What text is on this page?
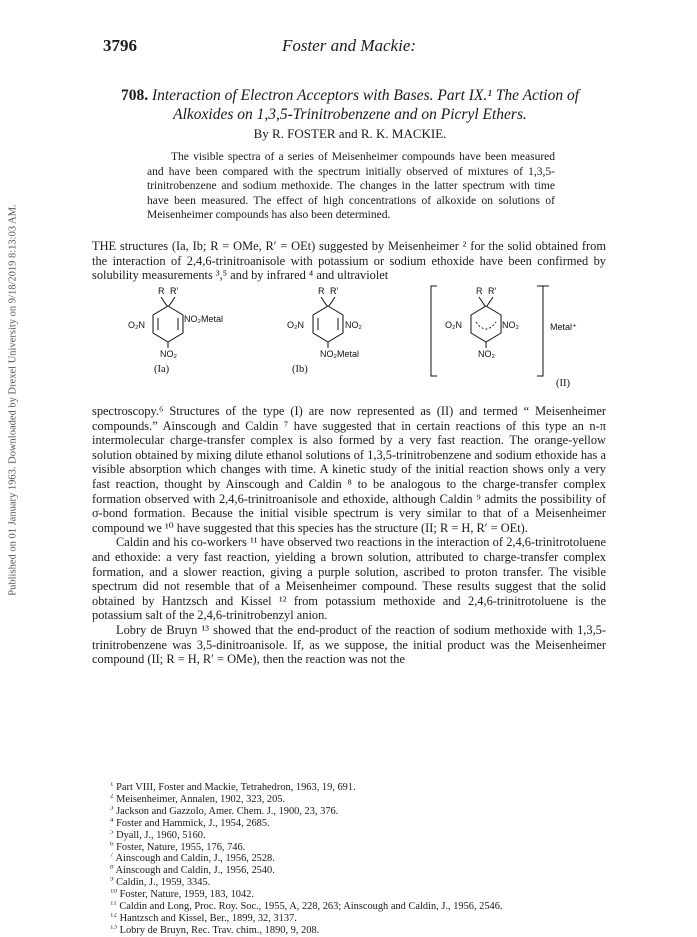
Published on 01 January 1963. Downloaded by Drexel University on 9/18/2019 8:13:03 AM.
3796	Foster and Mackie:
708. Interaction of Electron Acceptors with Bases. Part IX.¹ The Action of Alkoxides on 1,3,5-Trinitrobenzene and on Picryl Ethers.
By R. FOSTER and R. K. MACKIE.

The visible spectra of a series of Meisenheimer compounds have been measured and have been compared with the spectrum initially observed of mixtures of 1,3,5-trinitrobenzene and sodium methoxide. The changes in the latter spectrum with time have been measured. The effect of high concentrations of alkoxide on solutions of Meisenheimer compounds has also been determined.

THE structures (Ia, Ib; R = OMe, R′ = OEt) suggested by Meisenheimer ² for the solid obtained from the interaction of 2,4,6-trinitroanisole with potassium or sodium ethoxide have been confirmed by solubility measurements ³,⁵ and by infrared ⁴ and ultraviolet

R R′
O₂N
NO₂Metal
NO₂
(Ia)
R R′
O₂N	NO₂
NO₂Metal
(Ib)
R R′
O₂N	NO₂
NO₂
Metal⁺
(II)

spectroscopy.⁶ Structures of the type (I) are now represented as (II) and termed “ Meisenheimer compounds.” Ainscough and Caldin ⁷ have suggested that in certain reactions of this type an n-π intermolecular charge-transfer complex is also formed by a very fast reaction. The orange-yellow solution obtained by mixing dilute ethanol solutions of 1,3,5-trinitrobenzene and sodium ethoxide has a visible absorption which changes with time. A kinetic study of the initial reaction shows only a very fast reaction, thought by Ainscough and Caldin ⁸ to be analogous to the charge-transfer complex formation observed with 2,4,6-trinitroanisole and ethoxide, although Caldin ⁹ admits the possibility of σ-bond formation. Because the initial visible spectrum is very similar to that of a Meisenheimer compound we ¹⁰ have suggested that this species has the structure (II; R = H, R′ = OEt).

Caldin and his co-workers ¹¹ have observed two reactions in the interaction of 2,4,6-trinitrotoluene and ethoxide: a very fast reaction, yielding a brown solution, attributed to charge-transfer complex formation, and a slower reaction, giving a purple solution, ascribed to proton transfer. The visible spectrum did not resemble that of a Meisenheimer compound. These results suggest that the solid obtained by Hantzsch and Kissel ¹² from potassium methoxide and 2,4,6-trinitrotoluene is the potassium salt of the 2,4,6-trinitrobenzyl anion.

Lobry de Bruyn ¹³ showed that the end-product of the reaction of sodium methoxide with 1,3,5-trinitrobenzene was 3,5-dinitroanisole. If, as we suppose, the initial product was the Meisenheimer compound (II; R = H, R′ = OMe), then the reaction was not the

$^1$ Part VIII, Foster and Mackie, Tetrahedron, 1963, 19, 691.
$^2$ Meisenheimer, Annalen, 1902, 323, 205.
$^3$ Jackson and Gazzolo, Amer. Chem. J., 1900, 23, 376.
$^4$ Foster and Hammick, J., 1954, 2685.
$^5$ Dyall, J., 1960, 5160.
$^6$ Foster, Nature, 1955, 176, 746.
$^7$ Ainscough and Caldin, J., 1956, 2528.
$^8$ Ainscough and Caldin, J., 1956, 2540.
$^9$ Caldin, J., 1959, 3345.
$^{10}$ Foster, Nature, 1959, 183, 1042.
$^{11}$ Caldin and Long, Proc. Roy. Soc., 1955, A, 228, 263; Ainscough and Caldin, J., 1956, 2546.
$^{12}$ Hantzsch and Kissel, Ber., 1899, 32, 3137.
$^{13}$ Lobry de Bruyn, Rec. Trav. chim., 1890, 9, 208.
